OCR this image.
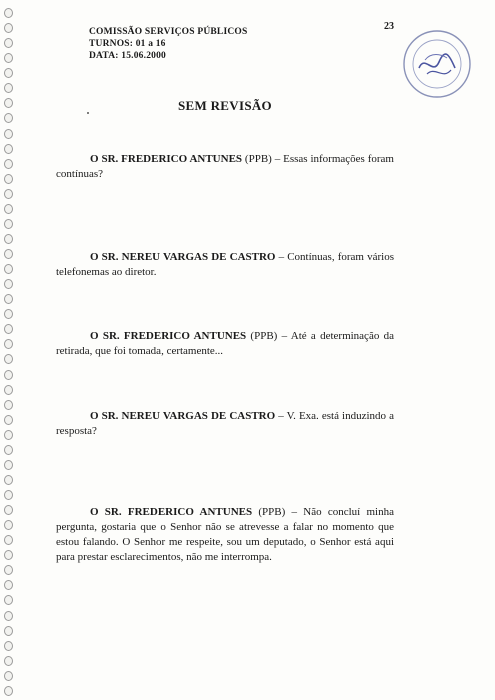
COMISSÃO SERVIÇOS PÚBLICOS
TURNOS: 01 a 16
DATA: 15.06.2000
23
SEM REVISÃO
O SR. FREDERICO ANTUNES (PPB) – Essas informações foram contínuas?
O SR. NEREU VARGAS DE CASTRO – Contínuas, foram vários telefonemas ao diretor.
O SR. FREDERICO ANTUNES (PPB) – Até a determinação da retirada, que foi tomada, certamente...
O SR. NEREU VARGAS DE CASTRO – V. Exa. está induzindo a resposta?
O SR. FREDERICO ANTUNES (PPB) – Não concluí minha pergunta, gostaria que o Senhor não se atrevesse a falar no momento que estou falando. O Senhor me respeite, sou um deputado, o Senhor está aqui para prestar esclarecimentos, não me interrompa.
